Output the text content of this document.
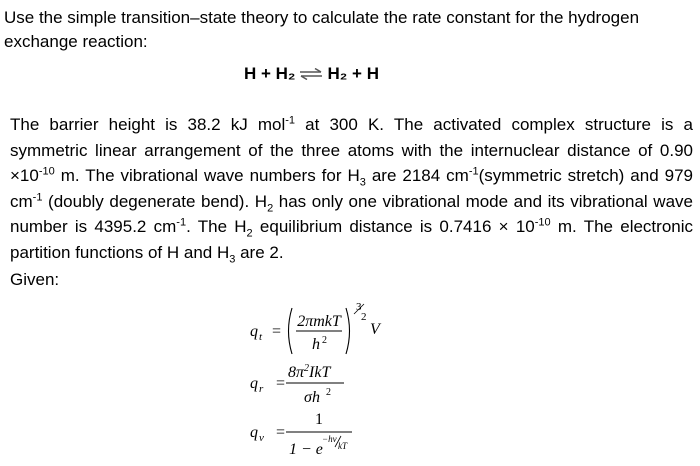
Use the simple transition–state theory to calculate the rate constant for the hydrogen exchange reaction:
H + H₂ ⇌ H₂ + H
The barrier height is 38.2 kJ mol$^{-1}$ at 300 K. The activated complex structure is a symmetric linear arrangement of the three atoms with the internuclear distance of $0.90 \times 10^{-10}$ m. The vibrational wave numbers for $H_3$ are 2184 $cm^{-1}(symmetric$ stretch) and 979 $cm^{-1}$ (doubly degenerate bend). $H_2$ has only one vibrational mode and its vibrational wave number is 4395.2 $cm^{-1}$. The $H_2$ equilibrium distance is $0.7416 \times 10^{-10}$ m. The electronic partition functions of H and $H_3$ are 2.
Given:
q t =
2πmkT
h 2
3
2
V
q r =
$8\pi^2IkT$
σh 2
q v =
1
1 − e
−hν
kT
